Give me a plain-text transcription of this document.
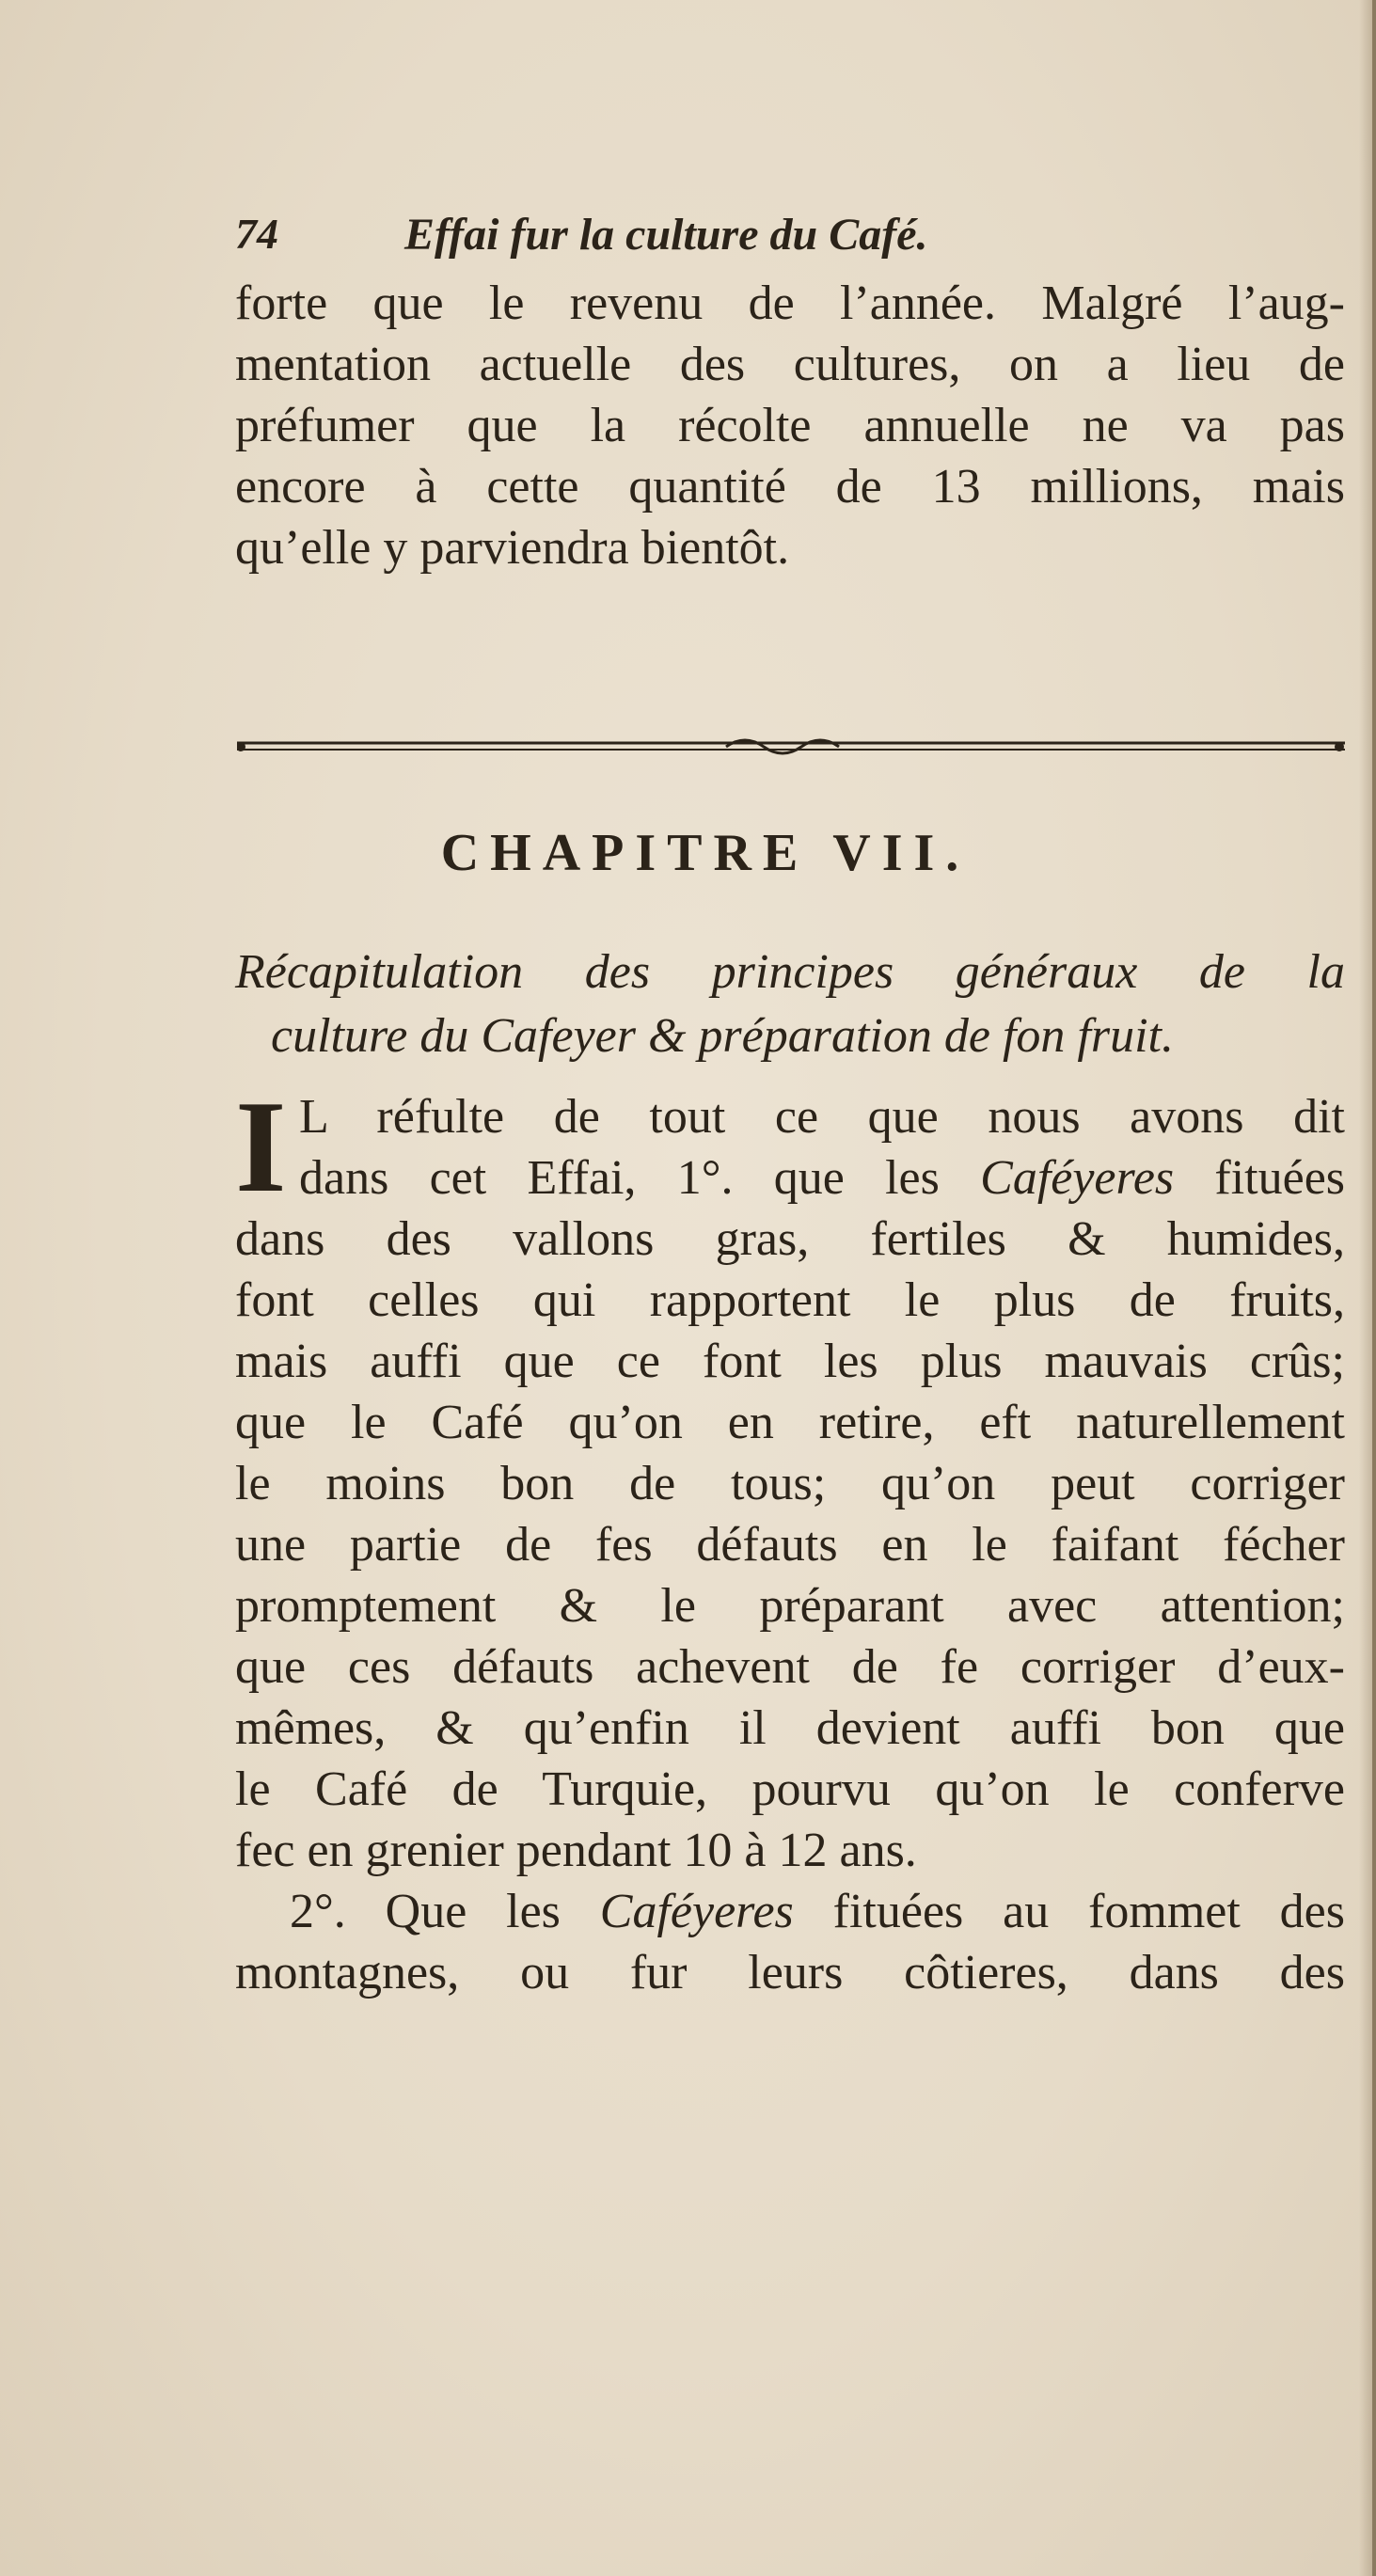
74	Effai fur la culture du Café.
forte que le revenu de l’année. Malgré l’aug-
mentation actuelle des cultures, on a lieu de
préfumer que la récolte annuelle ne va pas
encore à cette quantité de 13 millions, mais
qu’elle y parviendra bientôt.
CHAPITRE VII.
Récapitulation des principes généraux de la
culture du Cafeyer & préparation de fon fruit.
I L réfulte de tout ce que nous avons dit
dans cet Effai, 1°. que les Caféyeres fituées
dans des vallons gras, fertiles & humides,
font celles qui rapportent le plus de fruits,
mais auffi que ce font les plus mauvais crûs;
que le Café qu’on en retire, eft naturellement
le moins bon de tous; qu’on peut corriger
une partie de fes défauts en le faifant fécher
promptement & le préparant avec attention;
que ces défauts achevent de fe corriger d’eux-
mêmes, & qu’enfin il devient auffi bon que
le Café de Turquie, pourvu qu’on le conferve
fec en grenier pendant 10 à 12 ans.
2°. Que les Caféyeres fituées au fommet des
montagnes, ou fur leurs côtieres, dans des
